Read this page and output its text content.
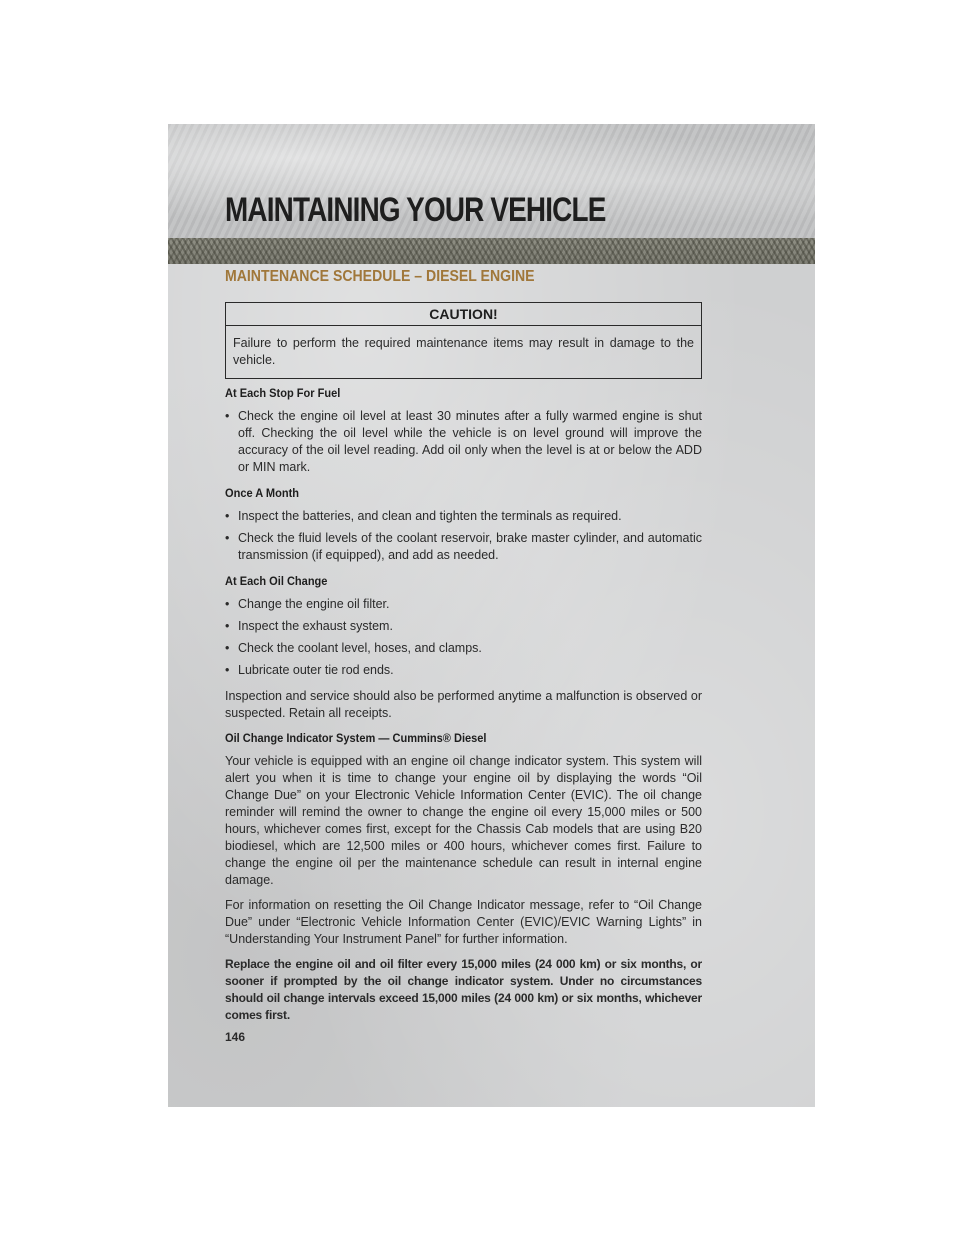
MAINTAINING YOUR VEHICLE
MAINTENANCE SCHEDULE – DIESEL ENGINE
CAUTION!
Failure to perform the required maintenance items may result in damage to the vehicle.
At Each Stop For Fuel
• Check the engine oil level at least 30 minutes after a fully warmed engine is shut off. Checking the oil level while the vehicle is on level ground will improve the accuracy of the oil level reading. Add oil only when the level is at or below the ADD or MIN mark.
Once A Month
• Inspect the batteries, and clean and tighten the terminals as required.
• Check the fluid levels of the coolant reservoir, brake master cylinder, and automatic transmission (if equipped), and add as needed.
At Each Oil Change
• Change the engine oil filter.
• Inspect the exhaust system.
• Check the coolant level, hoses, and clamps.
• Lubricate outer tie rod ends.

Inspection and service should also be performed anytime a malfunction is observed or suspected. Retain all receipts.

Oil Change Indicator System — Cummins® Diesel

Your vehicle is equipped with an engine oil change indicator system. This system will alert you when it is time to change your engine oil by displaying the words “Oil Change Due” on your Electronic Vehicle Information Center (EVIC). The oil change reminder will remind the owner to change the engine oil every 15,000 miles or 500 hours, whichever comes first, except for the Chassis Cab models that are using B20 biodiesel, which are 12,500 miles or 400 hours, whichever comes first. Failure to change the engine oil per the maintenance schedule can result in internal engine damage.

For information on resetting the Oil Change Indicator message, refer to “Oil Change Due” under “Electronic Vehicle Information Center (EVIC)/EVIC Warning Lights” in “Understanding Your Instrument Panel” for further information.

Replace the engine oil and oil filter every 15,000 miles (24 000 km) or six months, or sooner if prompted by the oil change indicator system. Under no circumstances should oil change intervals exceed 15,000 miles (24 000 km) or six months, whichever comes first.

146
